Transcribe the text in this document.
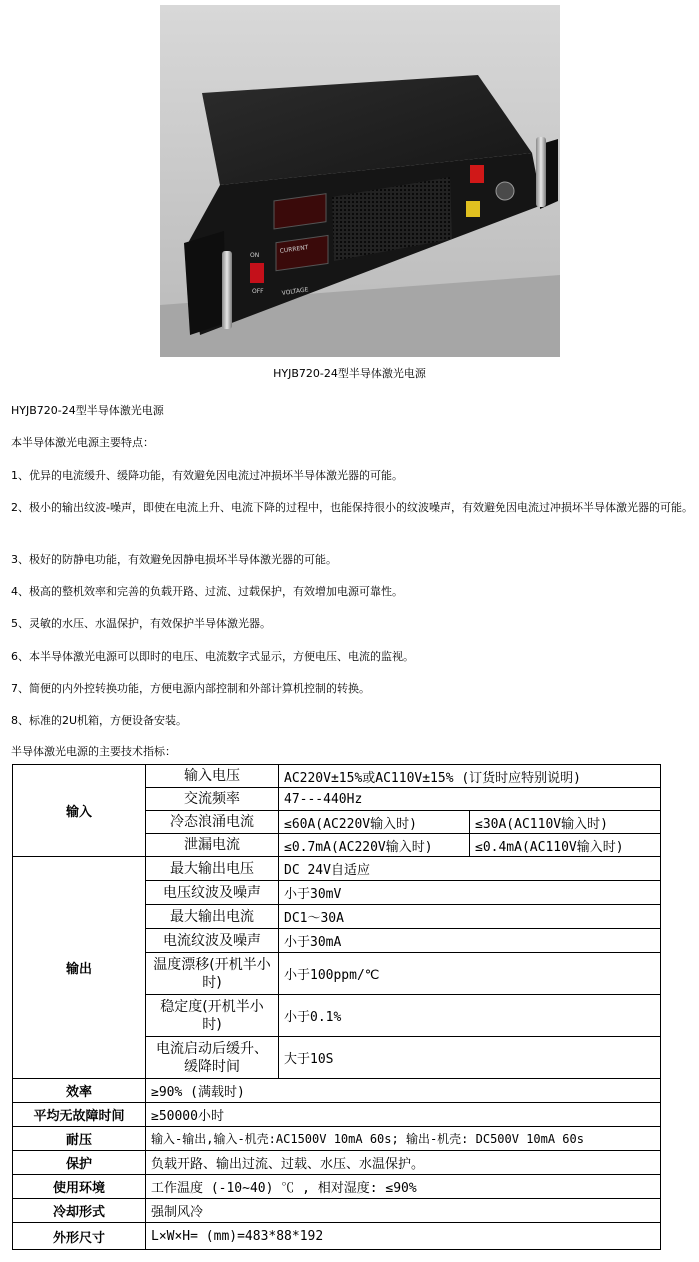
CURRENT
VOLTAGE
ON
OFF
HYJB720-24型半导体激光电源
HYJB720-24型半导体激光电源
本半导体激光电源主要特点：
1、优异的电流缓升、缓降功能，有效避免因电流过冲损坏半导体激光器的可能。
2、极小的输出纹波-噪声，即使在电流上升、电流下降的过程中，也能保持很小的纹波噪声，有效避免因电流过冲损坏半导体激光器的可能。
3、极好的防静电功能，有效避免因静电损坏半导体激光器的可能。
4、极高的整机效率和完善的负载开路、过流、过载保护，有效增加电源可靠性。
5、灵敏的水压、水温保护，有效保护半导体激光器。
6、本半导体激光电源可以即时的电压、电流数字式显示，方便电压、电流的监视。
7、简便的内外控转换功能，方便电源内部控制和外部计算机控制的转换。
8、标准的2U机箱，方便设备安装。
半导体激光电源的主要技术指标：
输入	输入电压	AC220V±15%或AC110V±15% (订货时应特别说明)	
	交流频率	47---440Hz	
	冷态浪涌电流	≤60A(AC220V输入时)	≤30A(AC110V输入时)
	泄漏电流	≤0.7mA(AC220V输入时)	≤0.4mA(AC110V输入时)
输出	最大输出电压	DC 24V自适应	
	电压纹波及噪声	小于30mV	
	最大输出电流	DC1～30A	
	电流纹波及噪声	小于30mA	
	温度漂移(开机半小时)	小于100ppm/℃	
	稳定度(开机半小时)	小于0.1%	
	电流启动后缓升、缓降时间	大于10S	
效率	≥90% (满载时)		
平均无故障时间	≥50000小时		
耐压	输入-输出,输入-机壳:AC1500V 10mA 60s; 输出-机壳: DC500V 10mA 60s		
保护	负载开路、输出过流、过载、水压、水温保护。		
使用环境	工作温度 (-10~40) ℃ , 相对湿度: ≤90%		
冷却形式	强制风冷		
外形尺寸	L×W×H= (mm)=483*88*192		
